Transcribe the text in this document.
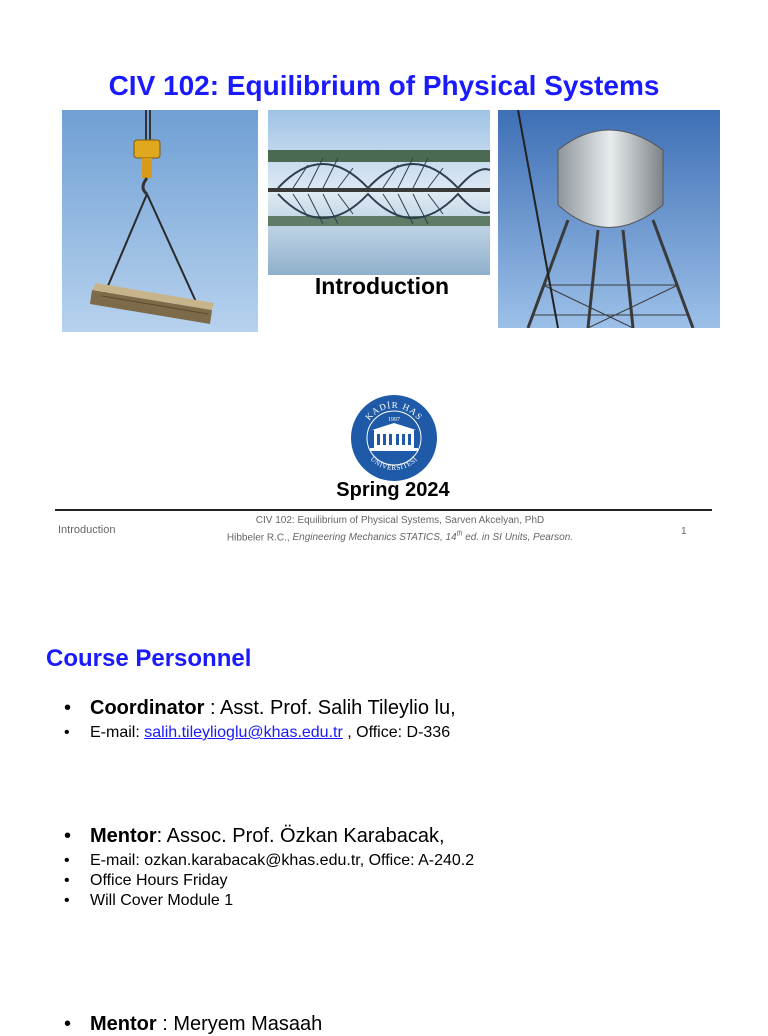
CIV 102: Equilibrium of Physical Systems
Introduction
KADİR HAS
ÜNİVERSİTESİ
1997
Spring 2024
Introduction
CIV 102: Equilibrium of Physical Systems, Sarven Akcelyan, PhD
Hibbeler R.C., Engineering Mechanics STATICS, 14th ed. in SI Units, Pearson.
1
Course Personnel
• Coordinator : Asst. Prof. Salih Tileylio lu,
• E-mail: salih.tileylioglu@khas.edu.tr , Office: D-336
• Mentor: Assoc. Prof. Özkan Karabacak,
• E-mail: ozkan.karabacak@khas.edu.tr, Office: A-240.2
• Office Hours Friday
• Will Cover Module 1
• Mentor : Meryem Masaah
